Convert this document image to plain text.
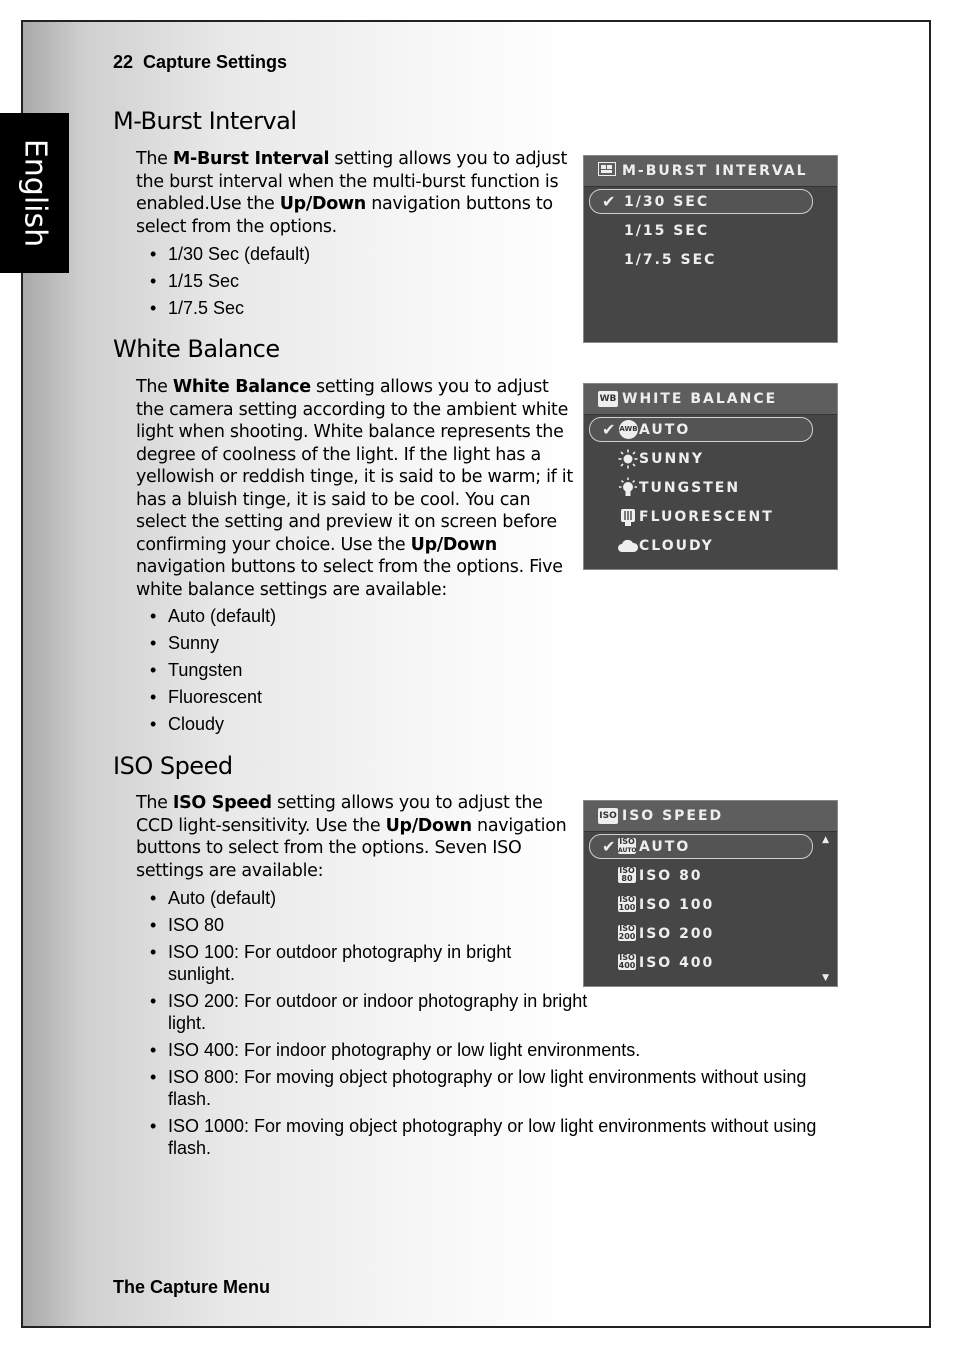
English
22  Capture Settings
M-Burst Interval

The M-Burst Interval setting allows you to adjust the burst interval when the multi-burst function is enabled.Use the Up/Down navigation buttons to select from the options.

• 1/30 Sec (default)
• 1/15 Sec
• 1/7.5 Sec
M-BURST INTERVAL
✔ 1/30 SEC
1/15 SEC
1/7.5 SEC
White Balance

The White Balance setting allows you to adjust the camera setting according to the ambient white light when shooting. White balance represents the degree of coolness of the light. If the light has a yellowish or reddish tinge, it is said to be warm; if it has a bluish tinge, it is said to be cool. You can select the setting and preview it on screen before confirming your choice. Use the Up/Down navigation buttons to select from the options. Five white balance settings are available:

• Auto (default)
• Sunny
• Tungsten
• Fluorescent
• Cloudy
WB WHITE BALANCE
✔ AWB AUTO
SUNNY
TUNGSTEN
FLUORESCENT
CLOUDY
ISO Speed

The ISO Speed setting allows you to adjust the CCD light-sensitivity. Use the Up/Down navigation buttons to select from the options. Seven ISO settings are available:

• Auto (default)
• ISO 80
• ISO 100: For outdoor photography in bright sunlight.
• ISO 200: For outdoor or indoor photography in bright light.
• ISO 400: For indoor photography or low light environments.
• ISO 800: For moving object photography or low light environments without using flash.
• ISO 1000: For moving object photography or low light environments without using flash.
ISO ISO SPEED
✔ ISO
AUTO AUTO
ISO
80 ISO 80
ISO
100 ISO 100
ISO
200 ISO 200
ISO
400 ISO 400
▲
▼
The Capture Menu
